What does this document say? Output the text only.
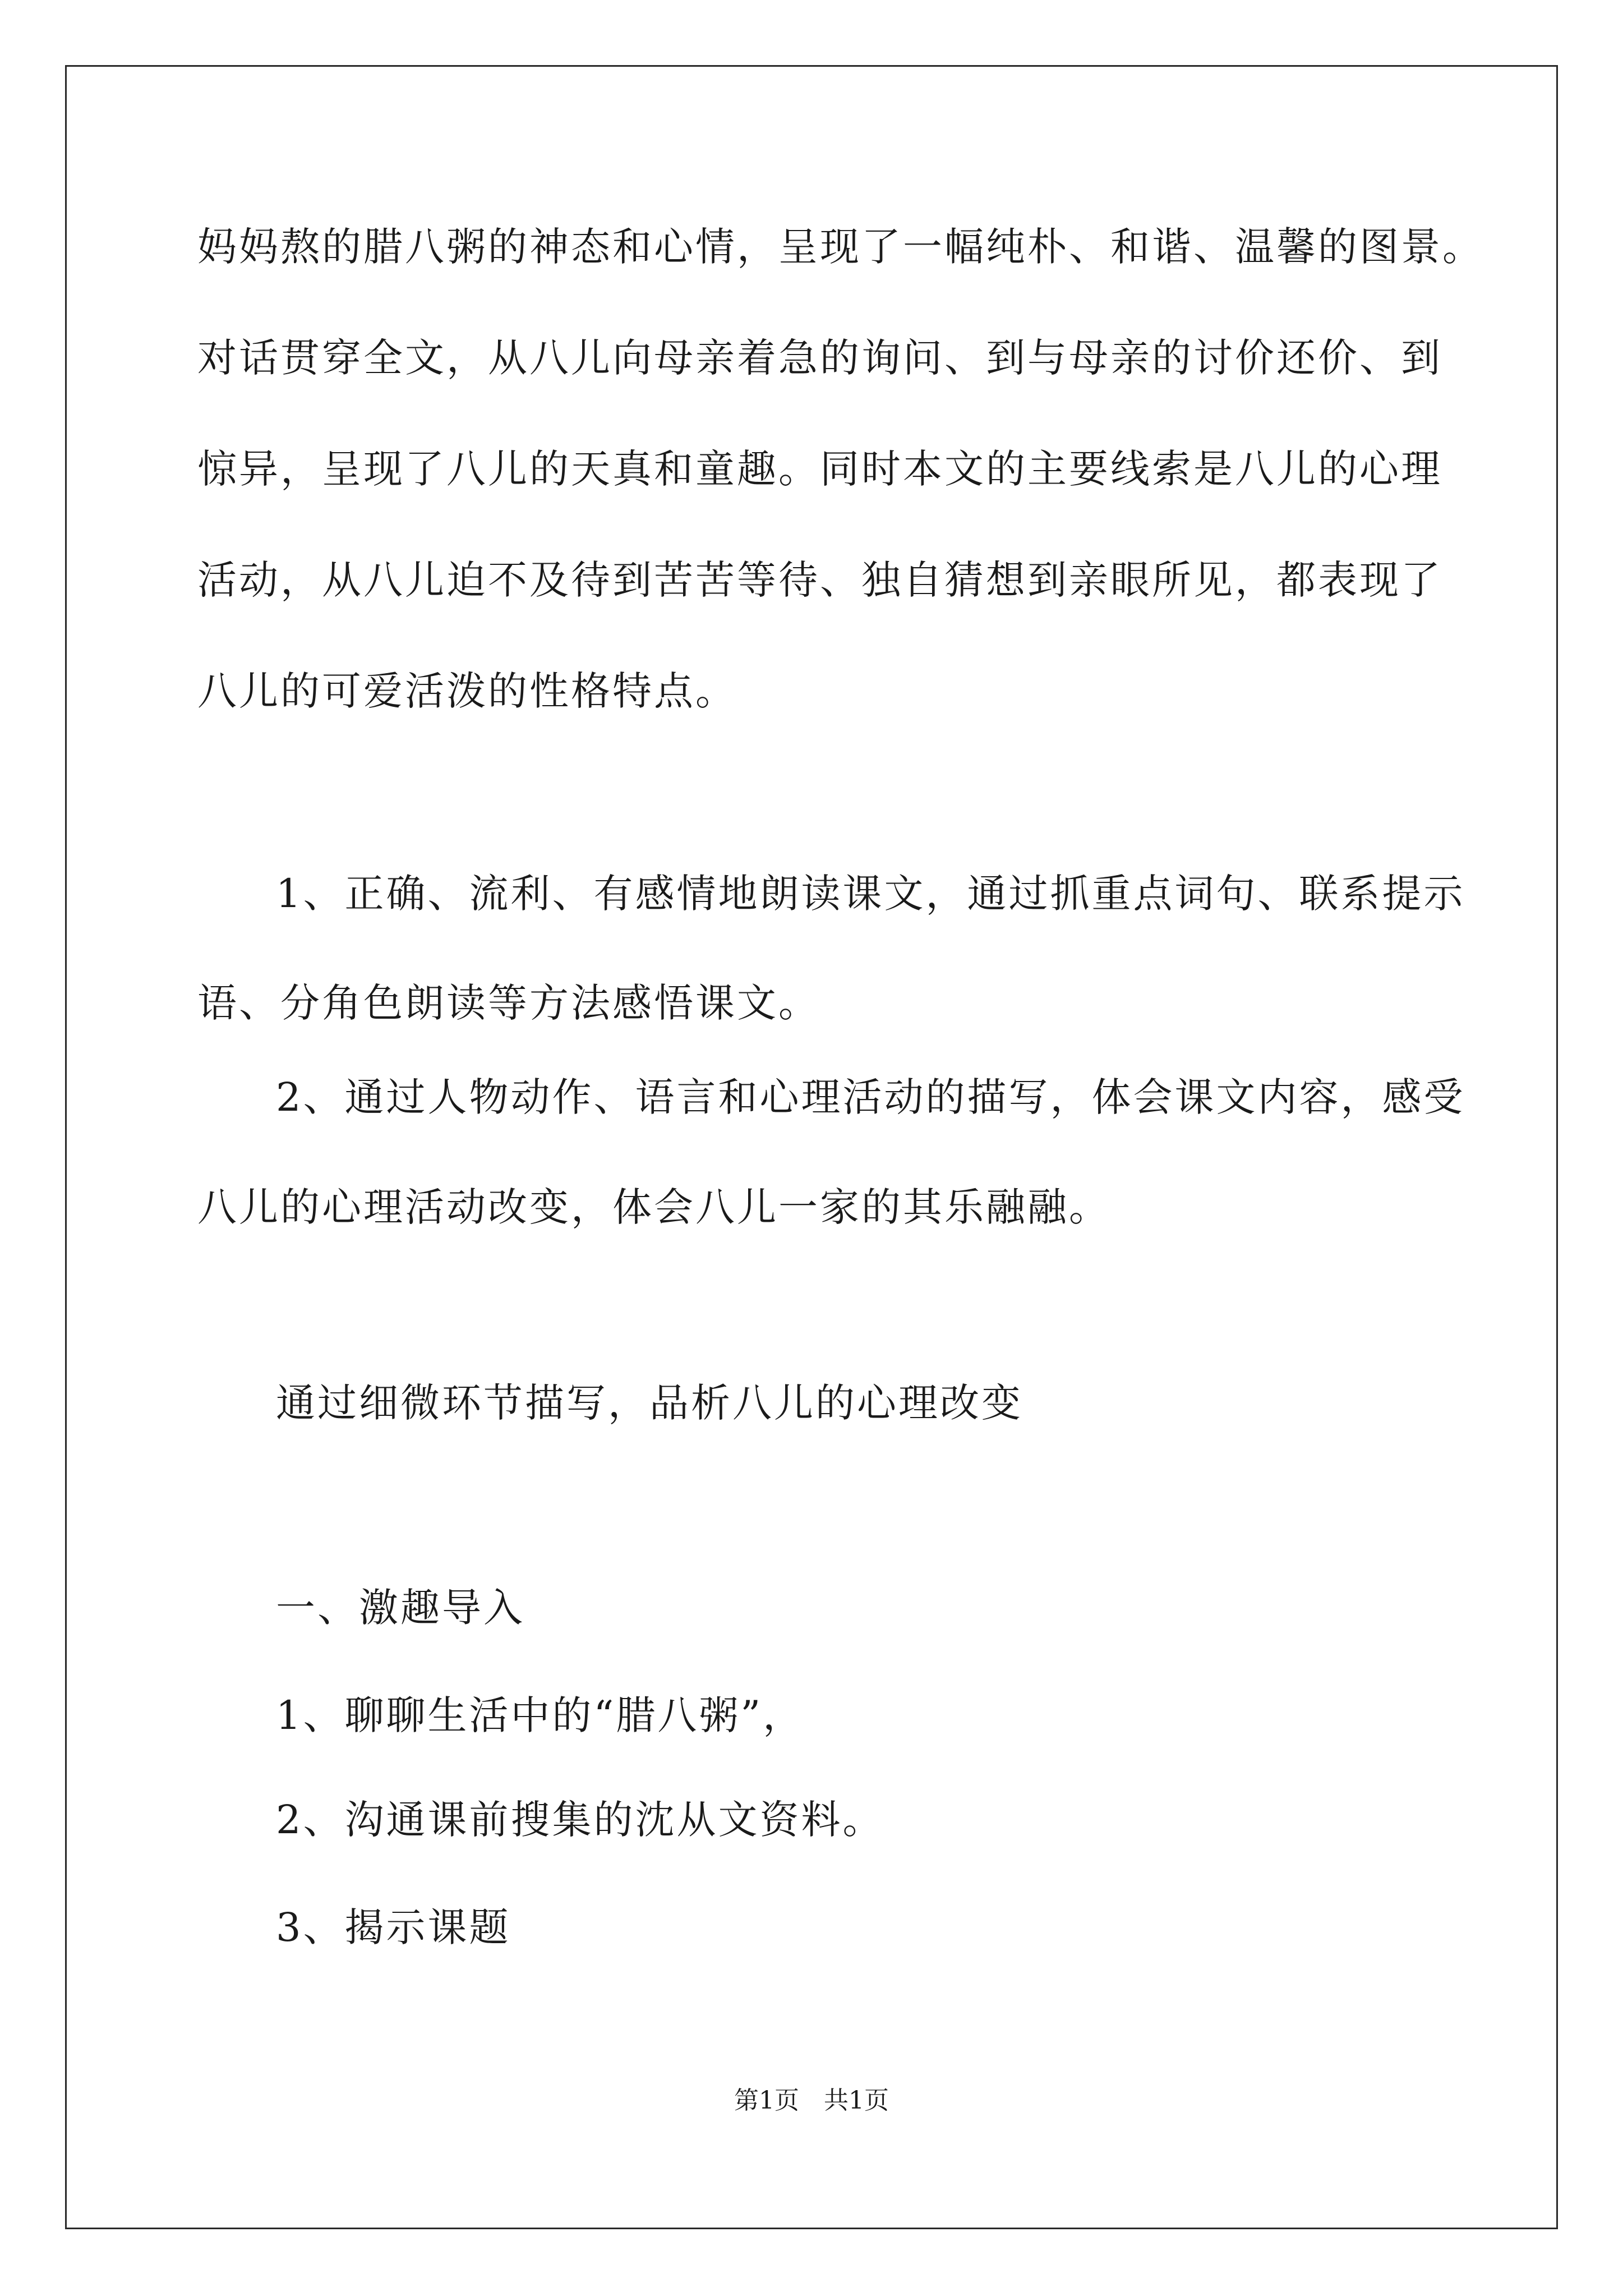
妈妈熬的腊八粥的神态和心情，呈现了一幅纯朴、和谐、温馨的图景。
对话贯穿全文，从八儿向母亲着急的询问、到与母亲的讨价还价、到
惊异，呈现了八儿的天真和童趣。同时本文的主要线索是八儿的心理
活动，从八儿迫不及待到苦苦等待、独自猜想到亲眼所见，都表现了
八儿的可爱活泼的性格特点。
1、正确、流利、有感情地朗读课文，通过抓重点词句、联系提示
语、分角色朗读等方法感悟课文。
2、通过人物动作、语言和心理活动的描写，体会课文内容，感受
八儿的心理活动改变，体会八儿一家的其乐融融。
通过细微环节描写，品析八儿的心理改变
一、激趣导入
1、聊聊生活中的“腊八粥”，
2、沟通课前搜集的沈从文资料。
3、揭示课题
第1页 共1页
